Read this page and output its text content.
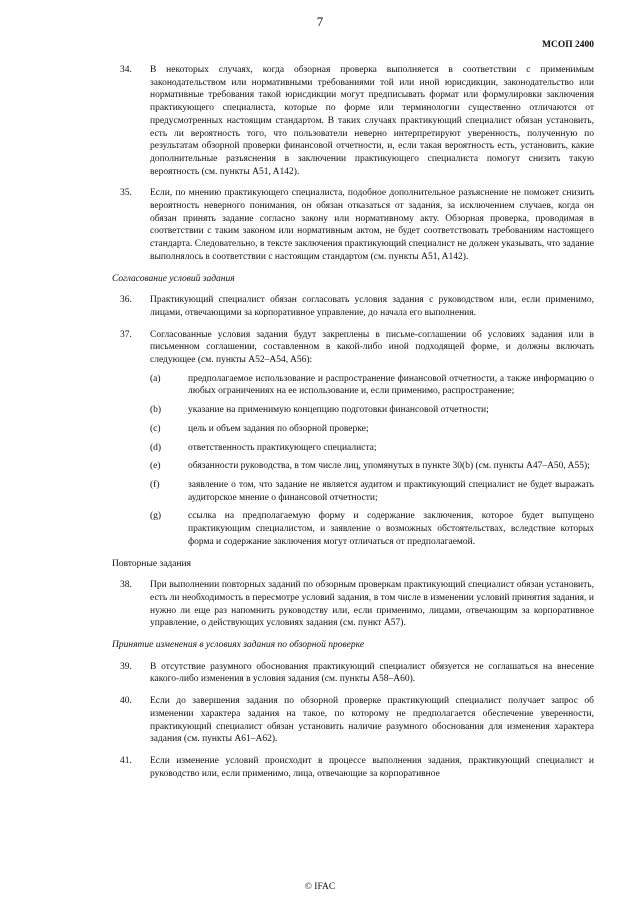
7
МСОП 2400
34. В некоторых случаях, когда обзорная проверка выполняется в соответствии с применимым законодательством или нормативными требованиями той или иной юрисдикции, законодательство или нормативные требования такой юрисдикции могут предписывать формат или формулировки заключения практикующего специалиста, которые по форме или терминологии существенно отличаются от предусмотренных настоящим стандартом. В таких случаях практикующий специалист обязан установить, есть ли вероятность того, что пользователи неверно интерпретируют уверенность, полученную по результатам обзорной проверки финансовой отчетности, и, если такая вероятность есть, установить, какие дополнительные разъяснения в заключении практикующего специалиста помогут снизить такую вероятность (см. пункты A51, A142).
35. Если, по мнению практикующего специалиста, подобное дополнительное разъяснение не поможет снизить вероятность неверного понимания, он обязан отказаться от задания, за исключением случаев, когда он обязан принять задание согласно закону или нормативному акту. Обзорная проверка, проводимая в соответствии с таким законом или нормативным актом, не будет соответствовать требованиям настоящего стандарта. Следовательно, в тексте заключения практикующий специалист не должен указывать, что задание выполнялось в соответствии с настоящим стандартом (см. пункты A51, A142).
Согласование условий задания
36. Практикующий специалист обязан согласовать условия задания с руководством или, если применимо, лицами, отвечающими за корпоративное управление, до начала его выполнения.
37. Согласованные условия задания будут закреплены в письме-соглашении об условиях задания или в письменном соглашении, составленном в какой-либо иной подходящей форме, и должны включать следующее (см. пункты A52–A54, A56):
(a)	предполагаемое использование и распространение финансовой отчетности, а также информацию о любых ограничениях на ее использование и, если применимо, распространение;
(b)	указание на применимую концепцию подготовки финансовой отчетности;
(c)	цель и объем задания по обзорной проверке;
(d)	ответственность практикующего специалиста;
(e)	обязанности руководства, в том числе лиц, упомянутых в пункте 30(b) (см. пункты A47–A50, A55);
(f)	заявление о том, что задание не является аудитом и практикующий специалист не будет выражать аудиторское мнение о финансовой отчетности;
(g)	ссылка на предполагаемую форму и содержание заключения, которое будет выпущено практикующим специалистом, и заявление о возможных обстоятельствах, вследствие которых форма и содержание заключения могут отличаться от предполагаемой.
Повторные задания
38. При выполнении повторных заданий по обзорным проверкам практикующий специалист обязан установить, есть ли необходимость в пересмотре условий задания, в том числе в изменении условий принятия задания, и нужно ли еще раз напомнить руководству или, если применимо, лицами, отвечающим за корпоративное управление, о действующих условиях задания (см. пункт A57).
Принятие изменения в условиях задания по обзорной проверке
39. В отсутствие разумного обоснования практикующий специалист обязуется не соглашаться на внесение какого-либо изменения в условия задания (см. пункты A58–A60).
40. Если до завершения задания по обзорной проверке практикующий специалист получает запрос об изменении характера задания на такое, по которому не предполагается обеспечение уверенности, практикующий специалист обязан установить наличие разумного обоснования для изменения характера задания (см. пункты A61–A62).
41. Если изменение условий происходит в процессе выполнения задания, практикующий специалист и руководство или, если применимо, лица, отвечающие за корпоративное
© IFAC
